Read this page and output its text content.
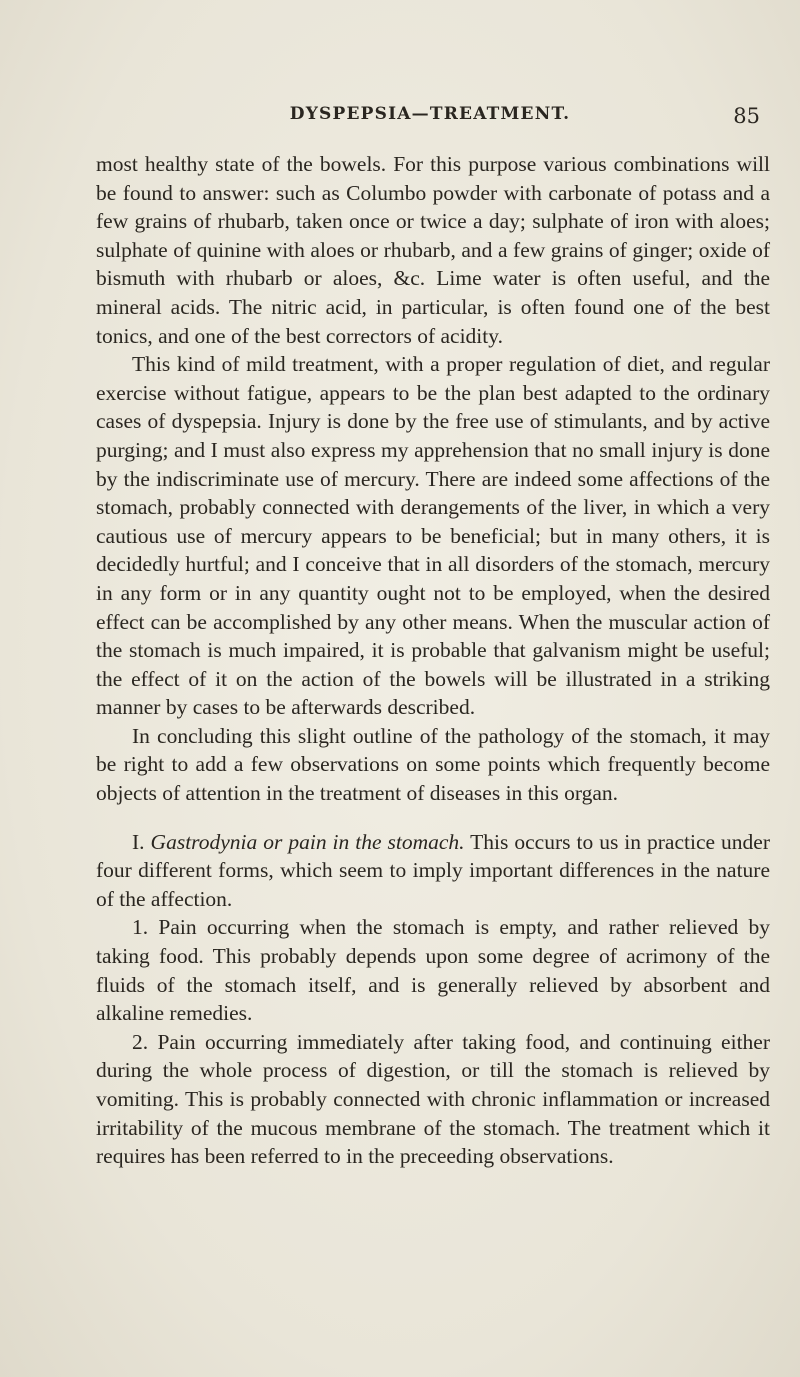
DYSPEPSIA—TREATMENT.	85

most healthy state of the bowels. For this purpose various combinations will be found to answer: such as Columbo powder with carbonate of potass and a few grains of rhubarb, taken once or twice a day; sulphate of iron with aloes; sulphate of quinine with aloes or rhubarb, and a few grains of ginger; oxide of bismuth with rhubarb or aloes, &c. Lime water is often useful, and the mineral acids. The nitric acid, in particular, is often found one of the best tonics, and one of the best correctors of acidity.

This kind of mild treatment, with a proper regulation of diet, and regular exercise without fatigue, appears to be the plan best adapted to the ordinary cases of dyspepsia. Injury is done by the free use of stimulants, and by active purging; and I must also express my apprehension that no small injury is done by the indiscriminate use of mercury. There are indeed some affections of the stomach, probably connected with derangements of the liver, in which a very cautious use of mercury appears to be beneficial; but in many others, it is decidedly hurtful; and I conceive that in all disorders of the stomach, mercury in any form or in any quantity ought not to be employed, when the desired effect can be accomplished by any other means. When the muscular action of the stomach is much impaired, it is probable that galvanism might be useful; the effect of it on the action of the bowels will be illustrated in a striking manner by cases to be afterwards described.

In concluding this slight outline of the pathology of the stomach, it may be right to add a few observations on some points which frequently become objects of attention in the treatment of diseases in this organ.

I. Gastrodynia or pain in the stomach. This occurs to us in practice under four different forms, which seem to imply important differences in the nature of the affection.

1. Pain occurring when the stomach is empty, and rather relieved by taking food. This probably depends upon some degree of acrimony of the fluids of the stomach itself, and is generally relieved by absorbent and alkaline remedies.

2. Pain occurring immediately after taking food, and continuing either during the whole process of digestion, or till the stomach is relieved by vomiting. This is probably connected with chronic inflammation or increased irritability of the mucous membrane of the stomach. The treatment which it requires has been referred to in the preceeding observations.
